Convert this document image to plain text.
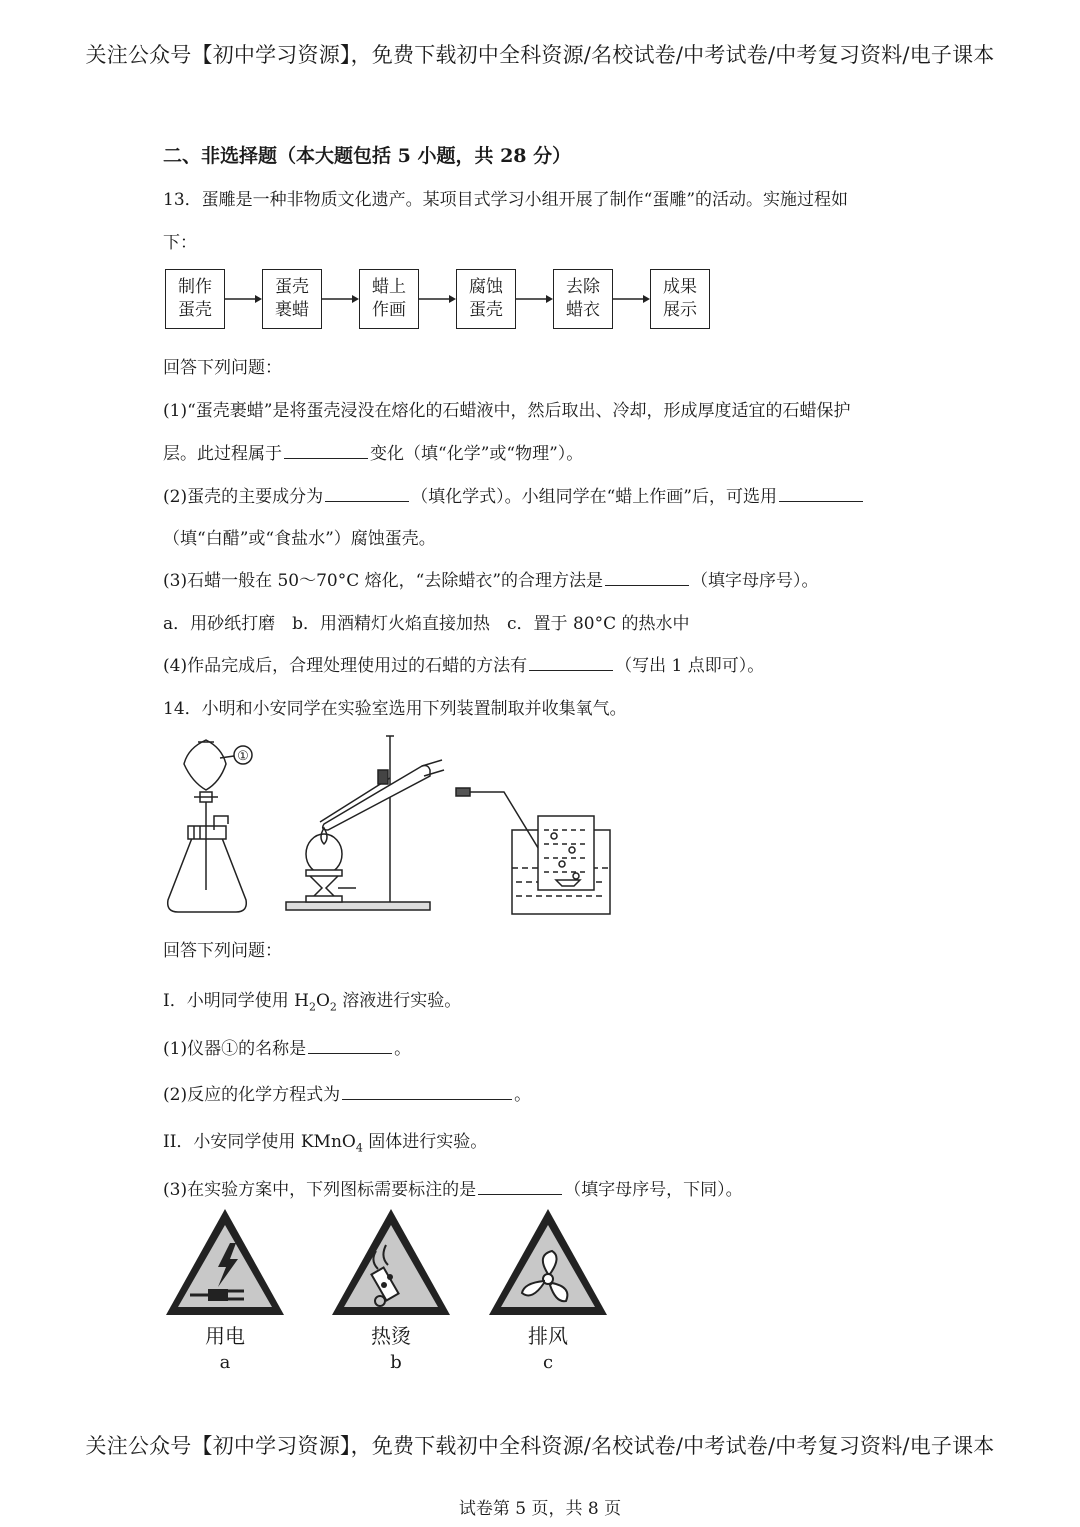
关注公众号【初中学习资源】，免费下载初中全科资源/名校试卷/中考试卷/中考复习资料/电子课本
二、非选择题（本大题包括 5 小题，共 28 分）
13．蛋雕是一种非物质文化遗产。某项目式学习小组开展了制作“蛋雕”的活动。实施过程如
下：
制作
蛋壳
蛋壳
裹蜡
蜡上
作画
腐蚀
蛋壳
去除
蜡衣
成果
展示
回答下列问题：
(1)“蛋壳裹蜡”是将蛋壳浸没在熔化的石蜡液中，然后取出、冷却，形成厚度适宜的石蜡保护
层。此过程属于	变化（填“化学”或“物理”）。
(2)蛋壳的主要成分为	（填化学式）。小组同学在“蜡上作画”后，可选用
（填“白醋”或“食盐水”）腐蚀蛋壳。
(3)石蜡一般在 50～70°C 熔化，“去除蜡衣”的合理方法是	（填字母序号）。
a．用砂纸打磨　b．用酒精灯火焰直接加热　c．置于 80°C 的热水中
(4)作品完成后，合理处理使用过的石蜡的方法有	（写出 1 点即可）。
14．小明和小安同学在实验室选用下列装置制取并收集氧气。
①
回答下列问题：
I．小明同学使用 $H_2O_2$ 溶液进行实验。
(1)仪器①的名称是	。
(2)反应的化学方程式为	。
II．小安同学使用 KMnO$_4$ 固体进行实验。
(3)在实验方案中，下列图标需要标注的是	（填字母序号，下同）。
用电	热烫	排风
a	b	c
关注公众号【初中学习资源】，免费下载初中全科资源/名校试卷/中考试卷/中考复习资料/电子课本
试卷第 5 页，共 8 页
